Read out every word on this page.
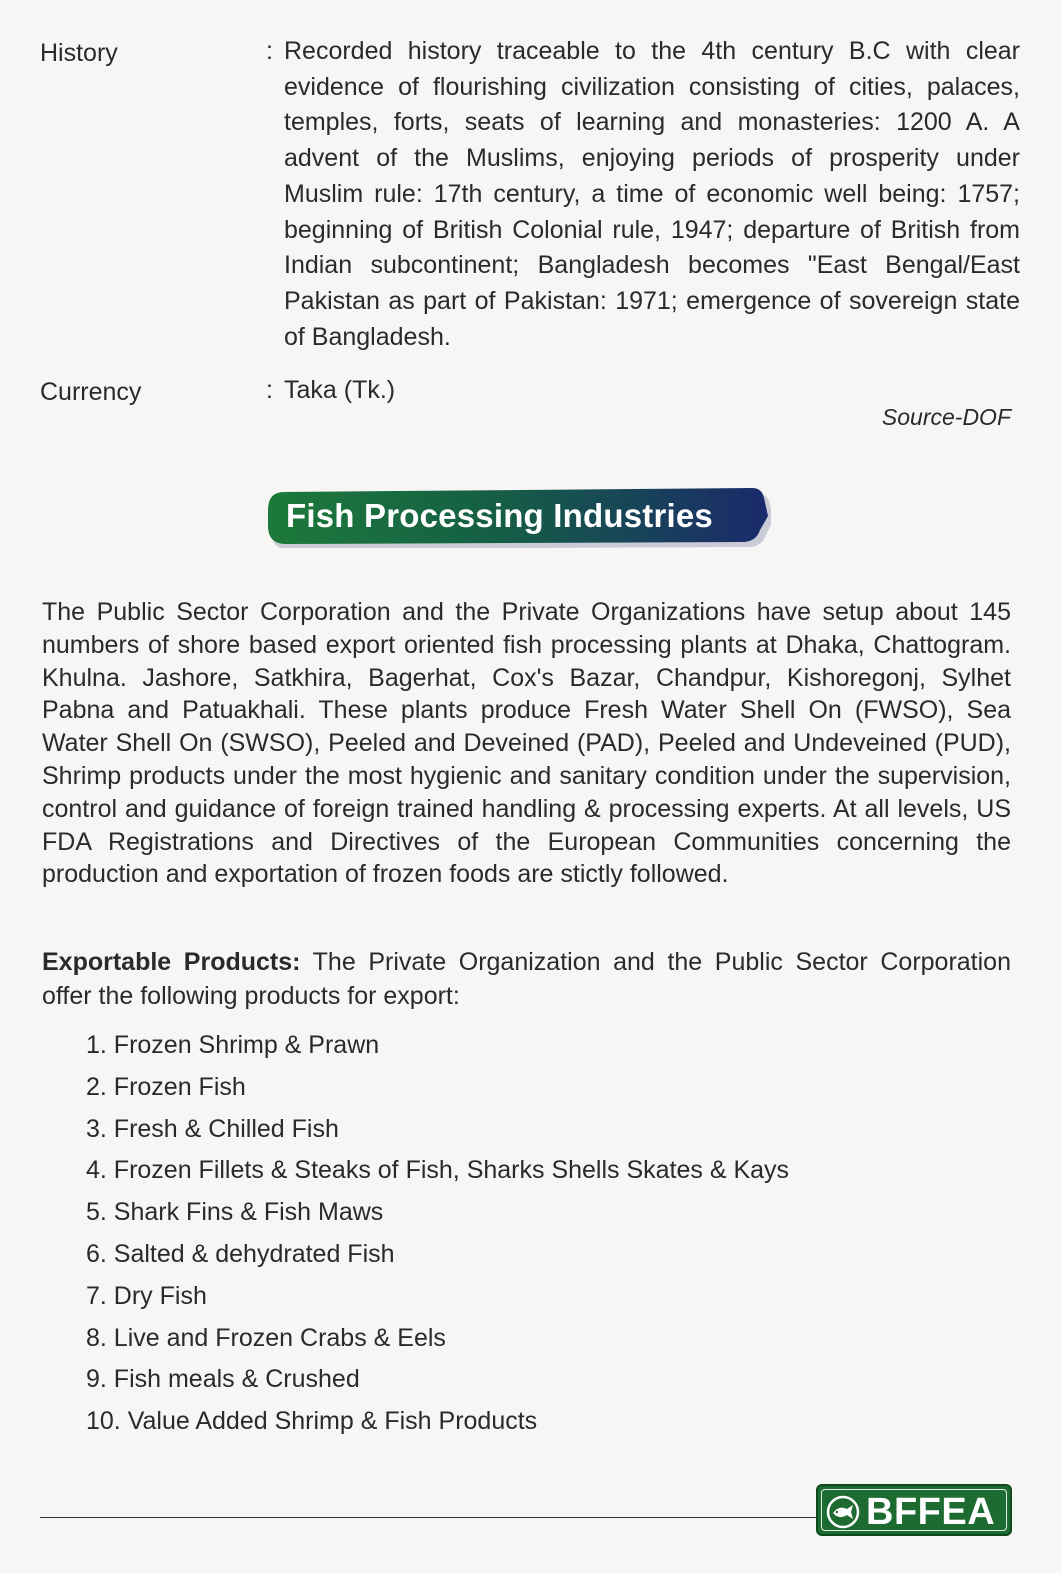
History	: Recorded history traceable to the 4th century B.C with clear evidence of flourishing civilization consisting of cities, palaces, temples, forts, seats of learning and monasteries: 1200 A. A advent of the Muslims, enjoying periods of prosperity under Muslim rule: 17th century, a time of economic well being: 1757; beginning of British Colonial rule, 1947; departure of British from Indian subcontinent; Bangladesh becomes "East Bengal/East Pakistan as part of Pakistan: 1971; emergence of sovereign state of Bangladesh.
Currency	: Taka (Tk.)
Source-DOF
Fish Processing Industries

The Public Sector Corporation and the Private Organizations have setup about 145 numbers of shore based export oriented fish processing plants at Dhaka, Chattogram. Khulna. Jashore, Satkhira, Bagerhat, Cox's Bazar, Chandpur, Kishoregonj, Sylhet Pabna and Patuakhali. These plants produce Fresh Water Shell On (FWSO), Sea Water Shell On (SWSO), Peeled and Deveined (PAD), Peeled and Undeveined (PUD), Shrimp products under the most hygienic and sanitary condition under the supervision, control and guidance of foreign trained handling & processing experts. At all levels, US FDA Registrations and Directives of the European Communities concerning the production and exportation of frozen foods are stictly followed.

Exportable Products: The Private Organization and the Public Sector Corporation offer the following products for export:

1. Frozen Shrimp & Prawn
2. Frozen Fish
3. Fresh & Chilled Fish
4. Frozen Fillets & Steaks of Fish, Sharks Shells Skates & Kays
5. Shark Fins & Fish Maws
6. Salted & dehydrated Fish
7. Dry Fish
8. Live and Frozen Crabs & Eels
9. Fish meals & Crushed
10. Value Added Shrimp & Fish Products
BFFEA
